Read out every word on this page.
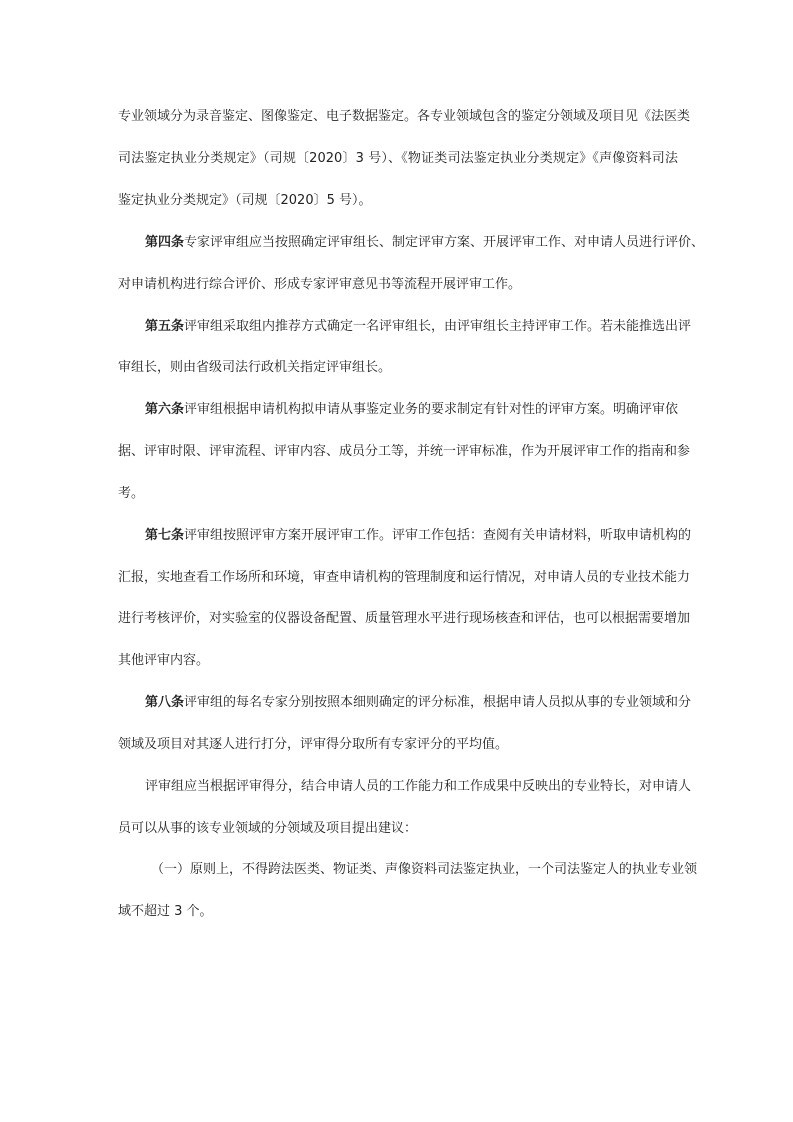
专业领域分为录音鉴定、图像鉴定、电子数据鉴定。各专业领域包含的鉴定分领域及项目见《法医类
司法鉴定执业分类规定》（司规〔2020〕3 号）、《物证类司法鉴定执业分类规定》《声像资料司法
鉴定执业分类规定》（司规〔2020〕5 号）。
第四条专家评审组应当按照确定评审组长、制定评审方案、开展评审工作、对申请人员进行评价、
对申请机构进行综合评价、形成专家评审意见书等流程开展评审工作。
第五条评审组采取组内推荐方式确定一名评审组长，由评审组长主持评审工作。若未能推选出评
审组长，则由省级司法行政机关指定评审组长。
第六条评审组根据申请机构拟申请从事鉴定业务的要求制定有针对性的评审方案。明确评审依
据、评审时限、评审流程、评审内容、成员分工等，并统一评审标准，作为开展评审工作的指南和参
考。
第七条评审组按照评审方案开展评审工作。评审工作包括：查阅有关申请材料，听取申请机构的
汇报，实地查看工作场所和环境，审查申请机构的管理制度和运行情况，对申请人员的专业技术能力
进行考核评价，对实验室的仪器设备配置、质量管理水平进行现场核查和评估，也可以根据需要增加
其他评审内容。
第八条评审组的每名专家分别按照本细则确定的评分标准，根据申请人员拟从事的专业领域和分
领域及项目对其逐人进行打分，评审得分取所有专家评分的平均值。
评审组应当根据评审得分，结合申请人员的工作能力和工作成果中反映出的专业特长，对申请人
员可以从事的该专业领域的分领域及项目提出建议：
（一）原则上，不得跨法医类、物证类、声像资料司法鉴定执业，一个司法鉴定人的执业专业领
域不超过 3 个。
